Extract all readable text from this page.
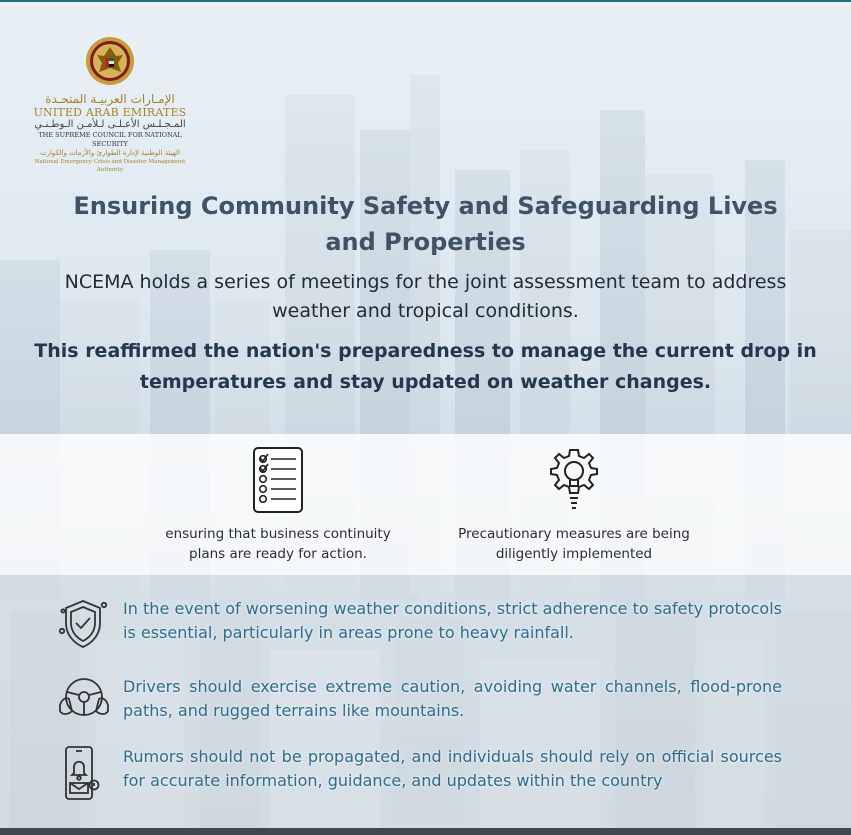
الإمـارات العربيـة المتحـدة
UNITED ARAB EMIRATES
المـجـلـس الأعـلـى لـلأمـن الـوطـنـي
THE SUPREME COUNCIL FOR NATIONAL SECURITY
الهيئة الوطنية لإدارة الطوارئ والأزمات والكوارث
National Emergency Crisis and Disaster Management Authority
Ensuring Community Safety and Safeguarding Lives and Properties

NCEMA holds a series of meetings for the joint assessment team to address weather and tropical conditions.

This reaffirmed the nation's preparedness to manage the current drop in temperatures and stay updated on weather changes.

ensuring that business continuity plans are ready for action.
Precautionary measures are being diligently implemented
In the event of worsening weather conditions, strict adherence to safety protocols is essential, particularly in areas prone to heavy rainfall.
Drivers should exercise extreme caution, avoiding water channels, flood-prone paths, and rugged terrains like mountains.
Rumors should not be propagated, and individuals should rely on official sources for accurate information, guidance, and updates within the country
